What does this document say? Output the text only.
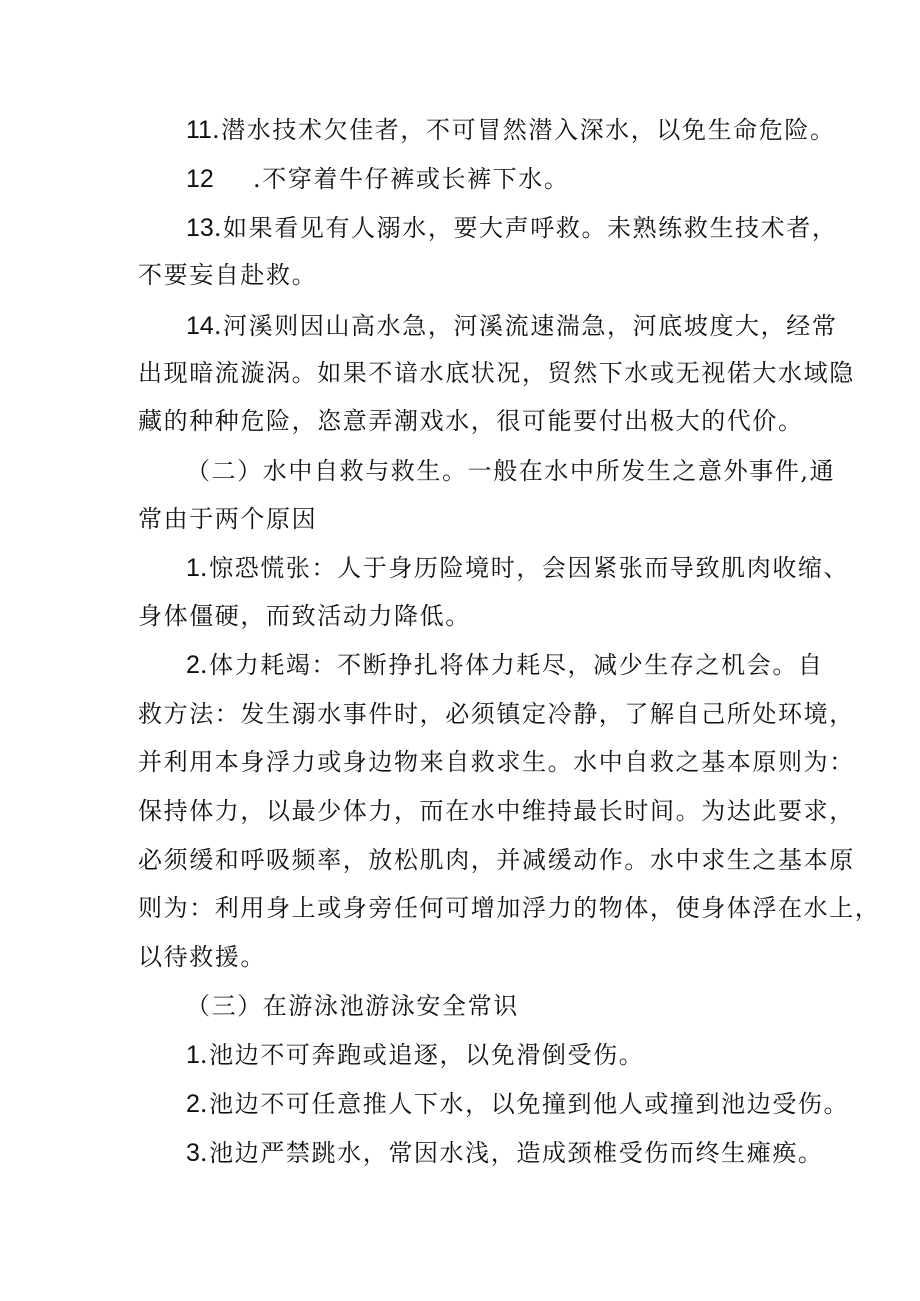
11.潜水技术欠佳者，不可冒然潜入深水，以免生命危险。
12 .不穿着牛仔裤或长裤下水。
13.如果看见有人溺水，要大声呼救。未熟练救生技术者，
不要妄自赴救。
14.河溪则因山高水急，河溪流速湍急，河底坡度大，经常
出现暗流漩涡。如果不谙水底状况，贸然下水或无视偌大水域隐
藏的种种危险，恣意弄潮戏水，很可能要付出极大的代价。
（二）水中自救与救生。一般在水中所发生之意外事件,通
常由于两个原因
1.惊恐慌张：人于身历险境时，会因紧张而导致肌肉收缩、
身体僵硬，而致活动力降低。
2.体力耗竭：不断挣扎将体力耗尽，减少生存之机会。自
救方法：发生溺水事件时，必须镇定冷静，了解自己所处环境，
并利用本身浮力或身边物来自救求生。水中自救之基本原则为：
保持体力，以最少体力，而在水中维持最长时间。为达此要求，
必须缓和呼吸频率，放松肌肉，并减缓动作。水中求生之基本原
则为：利用身上或身旁任何可增加浮力的物体，使身体浮在水上，
以待救援。
（三）在游泳池游泳安全常识
1.池边不可奔跑或追逐，以免滑倒受伤。
2.池边不可任意推人下水，以免撞到他人或撞到池边受伤。
3.池边严禁跳水，常因水浅，造成颈椎受伤而终生瘫痪。
